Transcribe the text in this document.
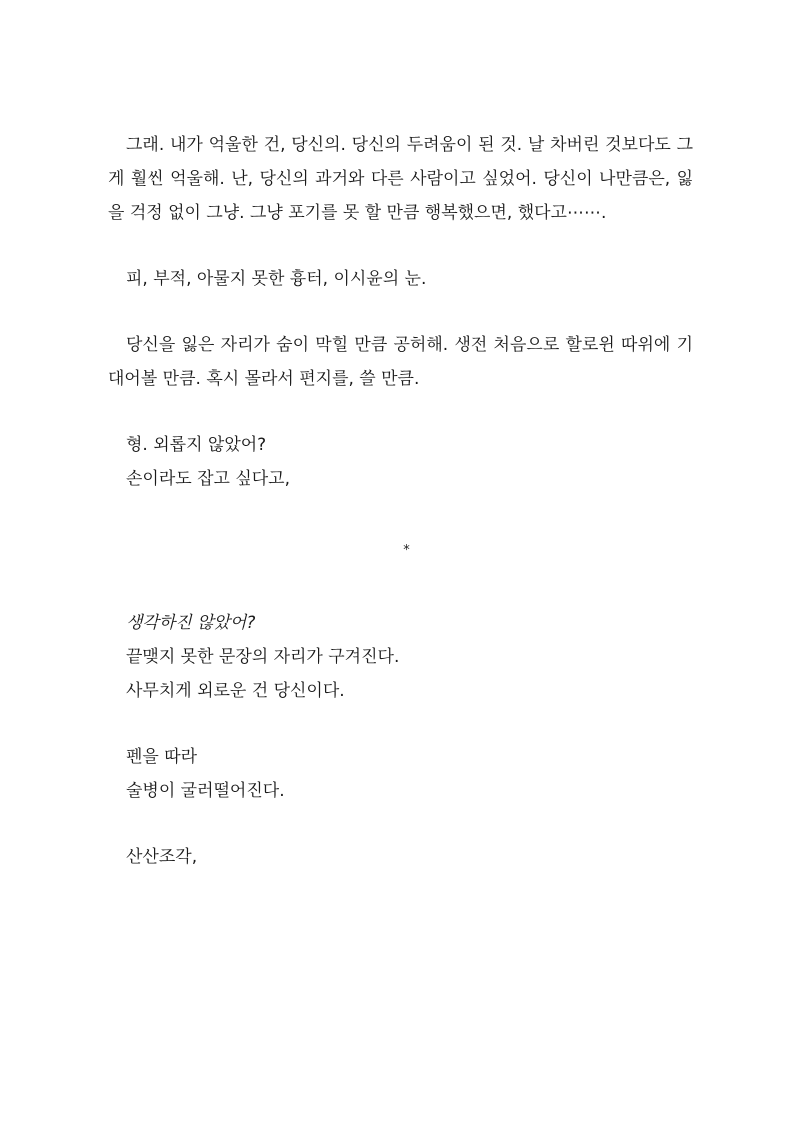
그래. 내가 억울한 건, 당신의. 당신의 두려움이 된 것. 날 차버린 것보다도 그게 훨씬 억울해. 난, 당신의 과거와 다른 사람이고 싶었어. 당신이 나만큼은, 잃을 걱정 없이 그냥. 그냥 포기를 못 할 만큼 행복했으면, 했다고⋯⋯.

피, 부적, 아물지 못한 흉터, 이시윤의 눈.

당신을 잃은 자리가 숨이 막힐 만큼 공허해. 생전 처음으로 할로윈 따위에 기대어볼 만큼. 혹시 몰라서 편지를, 쓸 만큼.

형. 외롭지 않았어?

손이라도 잡고 싶다고,

*

생각하진 않았어?

끝맺지 못한 문장의 자리가 구겨진다.

사무치게 외로운 건 당신이다.

펜을 따라

술병이 굴러떨어진다.

산산조각,
